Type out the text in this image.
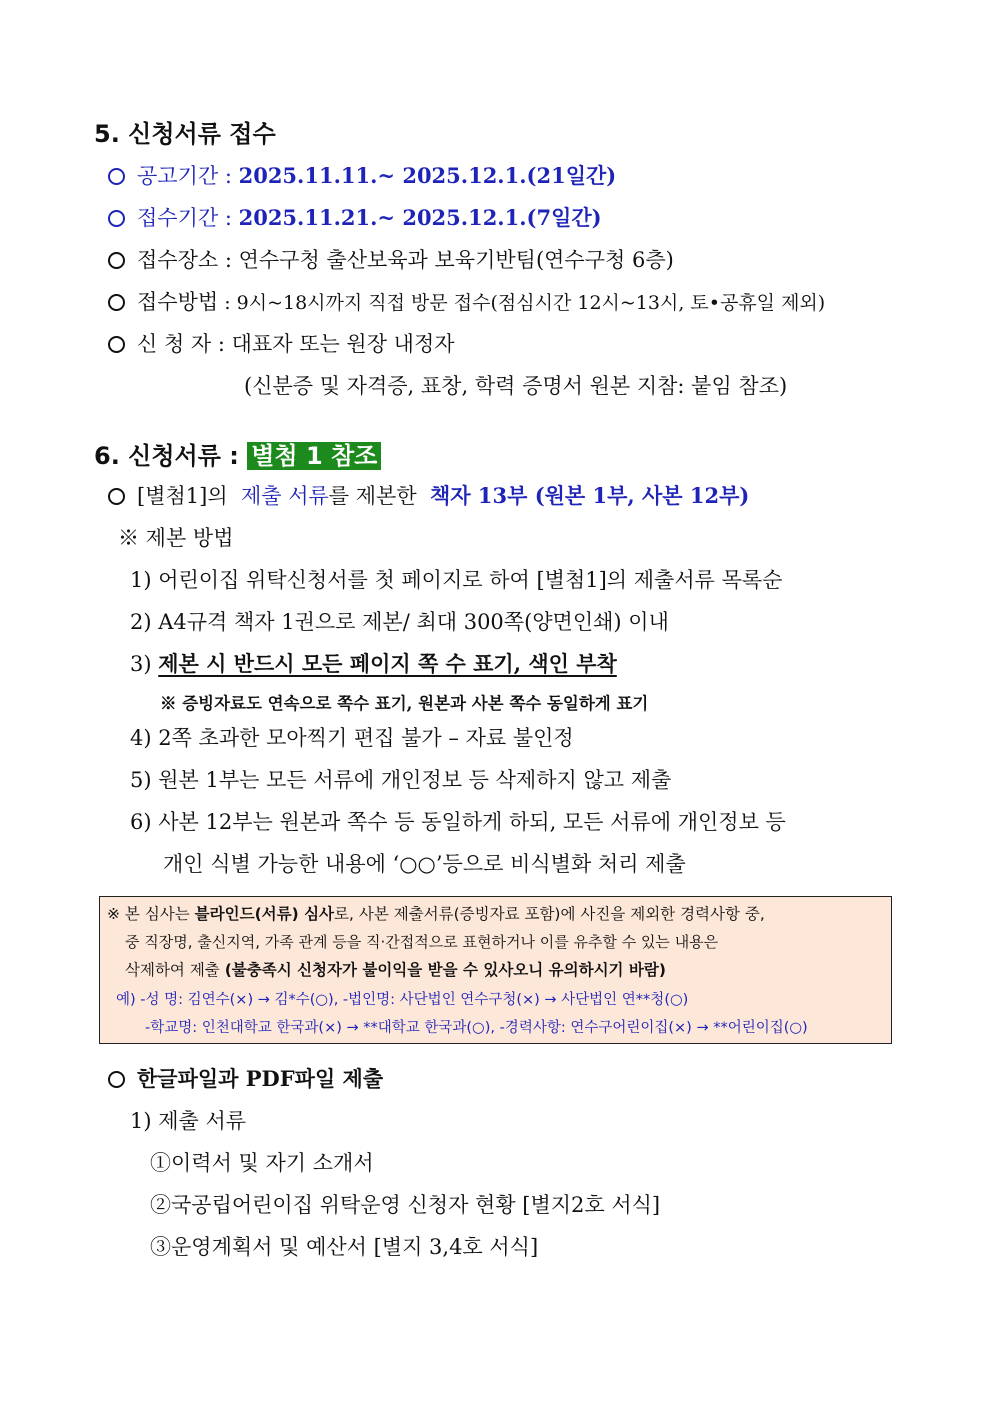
5. 신청서류 접수
공고기간 : 2025.11.11.~ 2025.12.1.(21일간)
접수기간 : 2025.11.21.~ 2025.12.1.(7일간)
접수장소 : 연수구청 출산보육과 보육기반팀(연수구청 6층)
접수방법 : 9시~18시까지 직접 방문 접수(점심시간 12시~13시, 토•공휴일 제외)
신 청 자 : 대표자 또는 원장 내정자
(신분증 및 자격증, 표창, 학력 증명서 원본 지참: 붙임 참조)
6. 신청서류 : 별첨 1 참조
[별첨1]의 제출 서류를 제본한 책자 13부 (원본 1부, 사본 12부)
※ 제본 방법
1) 어린이집 위탁신청서를 첫 페이지로 하여 [별첨1]의 제출서류 목록순
2) A4규격 책자 1권으로 제본/ 최대 300쪽(양면인쇄) 이내
3) 제본 시 반드시 모든 페이지 쪽 수 표기, 색인 부착
※ 증빙자료도 연속으로 쪽수 표기, 원본과 사본 쪽수 동일하게 표기
4) 2쪽 초과한 모아찍기 편집 불가 – 자료 불인정
5) 원본 1부는 모든 서류에 개인정보 등 삭제하지 않고 제출
6) 사본 12부는 원본과 쪽수 등 동일하게 하되, 모든 서류에 개인정보 등
개인 식별 가능한 내용에 ‘○○’등으로 비식별화 처리 제출
※ 본 심사는 블라인드(서류) 심사로, 사본 제출서류(증빙자료 포함)에 사진을 제외한 경력사항 중,
중 직장명, 출신지역, 가족 관계 등을 직·간접적으로 표현하거나 이를 유추할 수 있는 내용은
삭제하여 제출 (불충족시 신청자가 불이익을 받을 수 있사오니 유의하시기 바람)
예) -성 명: 김연수(×) → 김*수(○), -법인명: 사단법인 연수구청(×) → 사단법인 연**청(○)
-학교명: 인천대학교 한국과(×) → **대학교 한국과(○), -경력사항: 연수구어린이집(×) → **어린이집(○)
한글파일과 PDF파일 제출
1) 제출 서류
①이력서 및 자기 소개서
②국공립어린이집 위탁운영 신청자 현황 [별지2호 서식]
③운영계획서 및 예산서 [별지 3,4호 서식]
